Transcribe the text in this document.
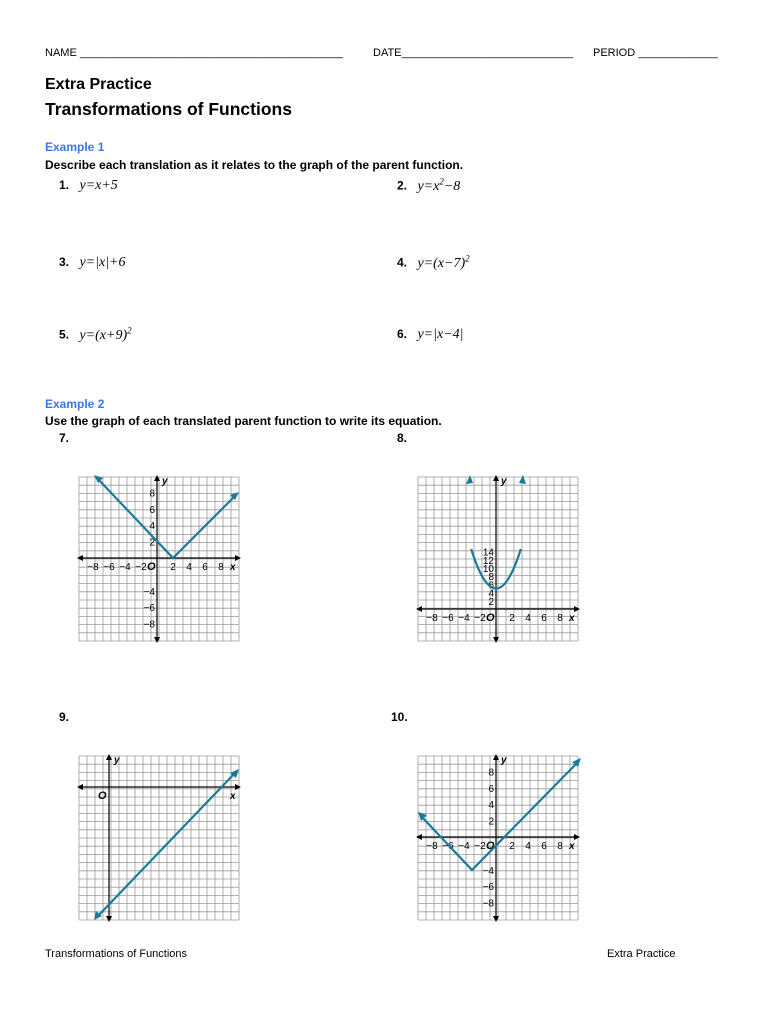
NAME ___________________________________________	DATE____________________________ PERIOD _____________
Extra Practice
Transformations of Functions
Example 1
Describe each translation as it relates to the graph of the parent function.
1. y=x+5	2. $y=x^2-8$
3. y=|x|+6	4. $y=(x-7)^2$
5. $y=(x+9)^2$	6. y=|x−4|
Example 2
Use the graph of each translated parent function to write its equation.
7.	8.
9.	10.
−8 −6 −4 −2 2 4 6 8
8
6
4
2
−4
−6
−8
O	x
y
−8 −6 −4 −2 2 4 6 8
14
12
10
8
6
4
2
O	x
y
O	x
y
−8 −6 −4 −2 2 4 6 8
8
6
4
2
−4
−6
−8
O	x
y
Transformations of Functions	Extra Practice
